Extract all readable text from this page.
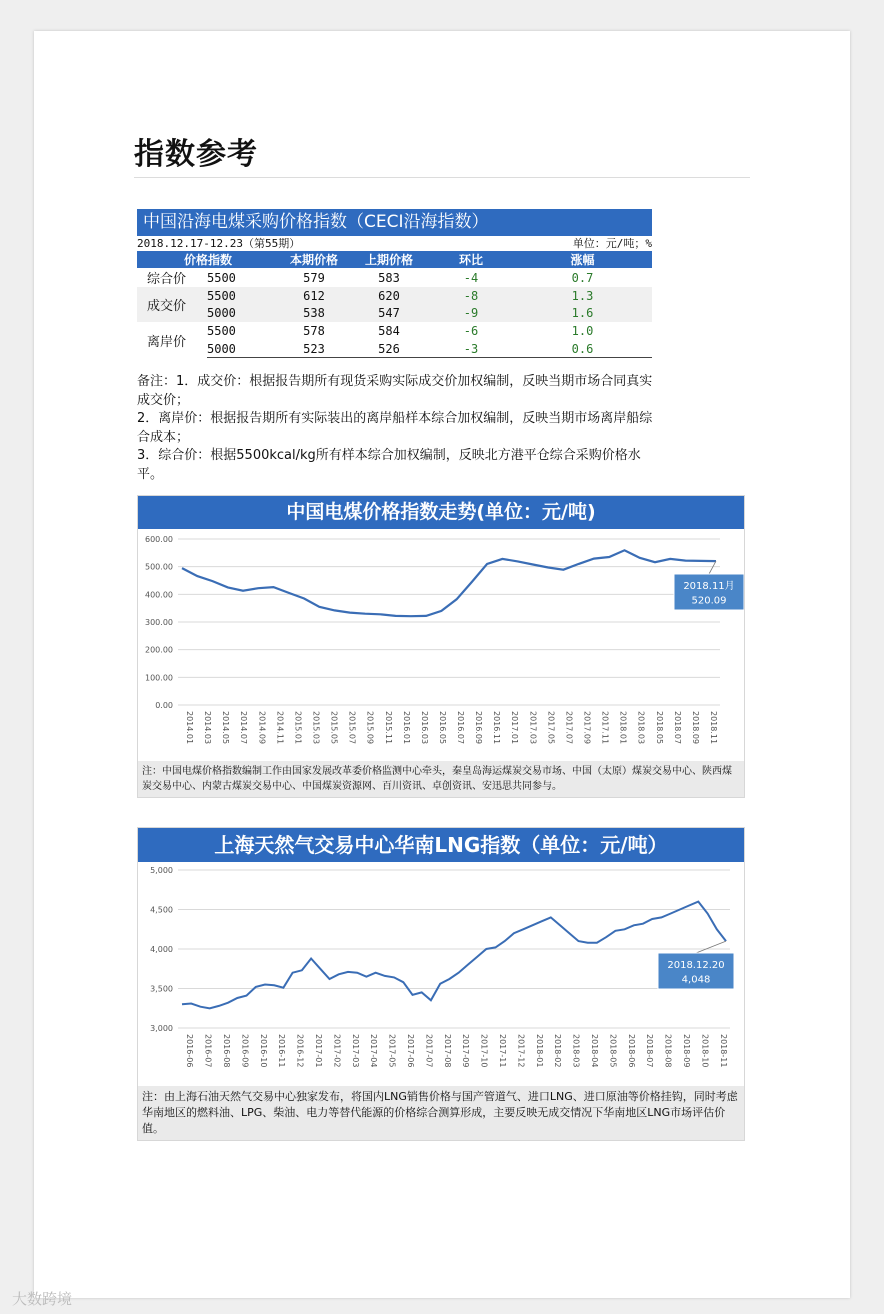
指数参考
中国沿海电煤采购价格指数（CECI沿海指数）
2018.12.17-12.23（第55期）	单位：元/吨；%
价格指数		本期价格	上期价格	环比	涨幅
综合价	5500	579	583	-4	0.7
成交价	5500	612	620	-8	1.3
	5000	538	547	-9	1.6
离岸价	5500	578	584	-6	1.0
	5000	523	526	-3	0.6

备注：1．成交价：根据报告期所有现货采购实际成交价加权编制，反映当期市场合同真实成交价；

2．离岸价：根据报告期所有实际装出的离岸船样本综合加权编制，反映当期市场离岸船综合成本；

3．综合价：根据5500kcal/kg所有样本综合加权编制，反映北方港平仓综合采购价格水平。

中国电煤价格指数走势(单位：元/吨)
0.00
100.00
200.00
300.00
400.00
500.00
600.00
2014.01 2014.03 2014.05 2014.07 2014.09 2014.11 2015.01 2015.03 2015.05 2015.07 2015.09 2015.11 2016.01 2016.03 2016.05 2016.07 2016.09 2016.11 2017.01 2017.03 2017.05 2017.07 2017.09 2017.11 2018.01 2018.03 2018.05 2018.07 2018.09 2018.11
2018.11月
520.09
注：中国电煤价格指数编制工作由国家发展改革委价格监测中心牵头，秦皇岛海运煤炭交易市场、中国（太原）煤炭交易中心、陕西煤炭交易中心、内蒙古煤炭交易中心、中国煤炭资源网、百川资讯、卓创资讯、安迅思共同参与。
上海天然气交易中心华南LNG指数（单位：元/吨）
3,000
3,500
4,000
4,500
5,000
2016-06 2016-07 2016-08 2016-09 2016-10 2016-11 2016-12 2017-01 2017-02 2017-03 2017-04 2017-05 2017-06 2017-07 2017-08 2017-09 2017-10 2017-11 2017-12 2018-01 2018-02 2018-03 2018-04 2018-05 2018-06 2018-07 2018-08 2018-09 2018-10 2018-11
2018.12.20
4,048
注：由上海石油天然气交易中心独家发布，将国内LNG销售价格与国产管道气、进口LNG、进口原油等价格挂钩，同时考虑华南地区的燃料油、LPG、柴油、电力等替代能源的价格综合测算形成，主要反映无成交情况下华南地区LNG市场评估价值。
大数跨境
